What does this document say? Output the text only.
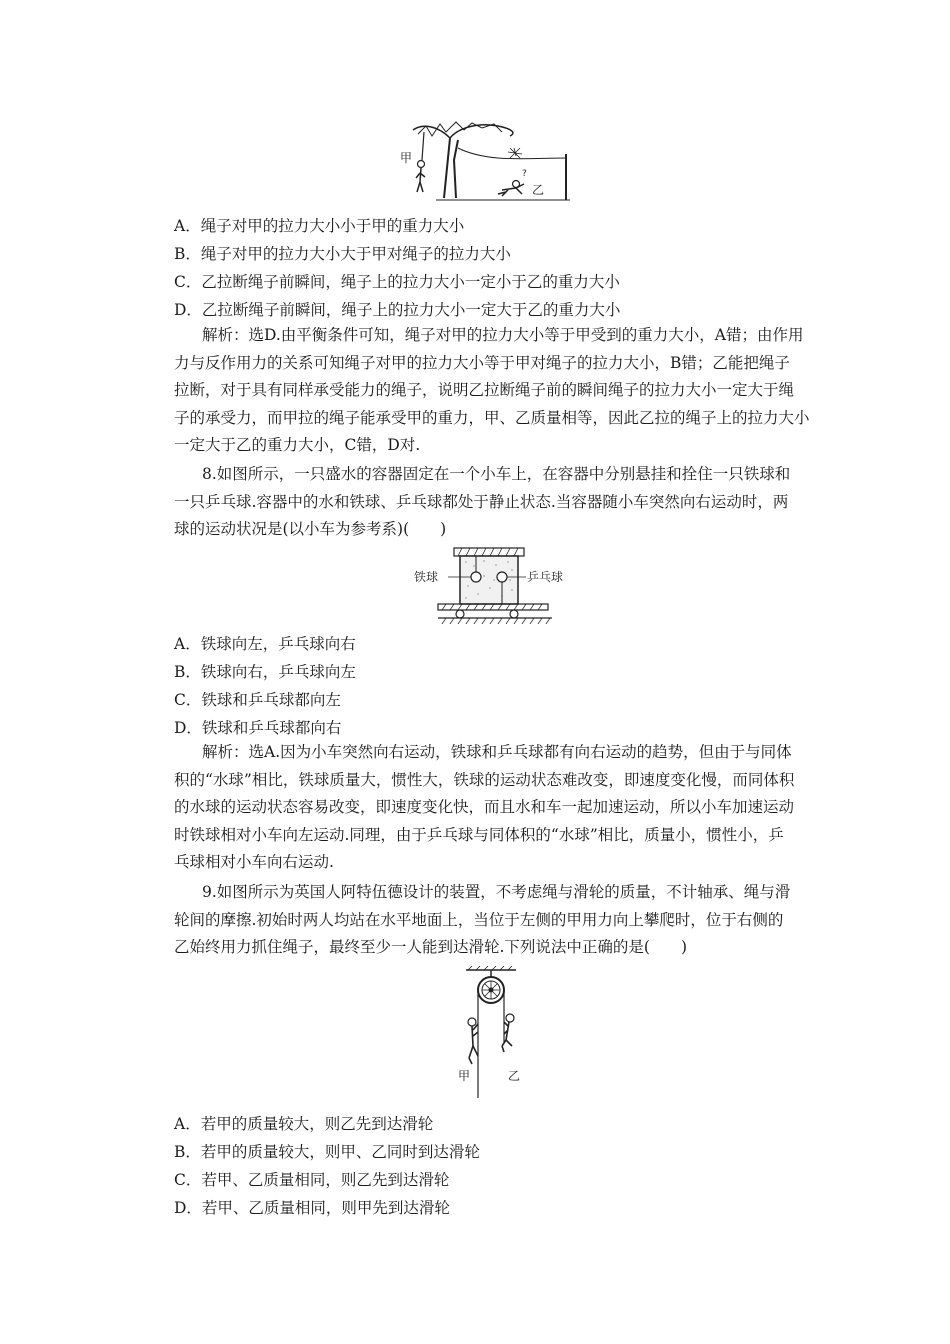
甲
?
乙
A．绳子对甲的拉力大小小于甲的重力大小
B．绳子对甲的拉力大小大于甲对绳子的拉力大小
C．乙拉断绳子前瞬间，绳子上的拉力大小一定小于乙的重力大小
D．乙拉断绳子前瞬间，绳子上的拉力大小一定大于乙的重力大小
解析：选D.由平衡条件可知，绳子对甲的拉力大小等于甲受到的重力大小，A错；由作用
力与反作用力的关系可知绳子对甲的拉力大小等于甲对绳子的拉力大小，B错；乙能把绳子
拉断，对于具有同样承受能力的绳子，说明乙拉断绳子前的瞬间绳子的拉力大小一定大于绳
子的承受力，而甲拉的绳子能承受甲的重力，甲、乙质量相等，因此乙拉的绳子上的拉力大小
一定大于乙的重力大小，C错，D对.
8.如图所示，一只盛水的容器固定在一个小车上，在容器中分别悬挂和拴住一只铁球和
一只乒乓球.容器中的水和铁球、乒乓球都处于静止状态.当容器随小车突然向右运动时，两
球的运动状况是(以小车为参考系)(　　)
铁球	乒乓球
A．铁球向左，乒乓球向右
B．铁球向右，乒乓球向左
C．铁球和乒乓球都向左
D．铁球和乒乓球都向右
解析：选A.因为小车突然向右运动，铁球和乒乓球都有向右运动的趋势，但由于与同体
积的“水球”相比，铁球质量大，惯性大，铁球的运动状态难改变，即速度变化慢，而同体积
的水球的运动状态容易改变，即速度变化快，而且水和车一起加速运动，所以小车加速运动
时铁球相对小车向左运动.同理，由于乒乓球与同体积的“水球”相比，质量小，惯性小，乒
乓球相对小车向右运动.
9.如图所示为英国人阿特伍德设计的装置，不考虑绳与滑轮的质量，不计轴承、绳与滑
轮间的摩擦.初始时两人均站在水平地面上，当位于左侧的甲用力向上攀爬时，位于右侧的
乙始终用力抓住绳子，最终至少一人能到达滑轮.下列说法中正确的是(　　)
甲	乙
A．若甲的质量较大，则乙先到达滑轮
B．若甲的质量较大，则甲、乙同时到达滑轮
C．若甲、乙质量相同，则乙先到达滑轮
D．若甲、乙质量相同，则甲先到达滑轮
